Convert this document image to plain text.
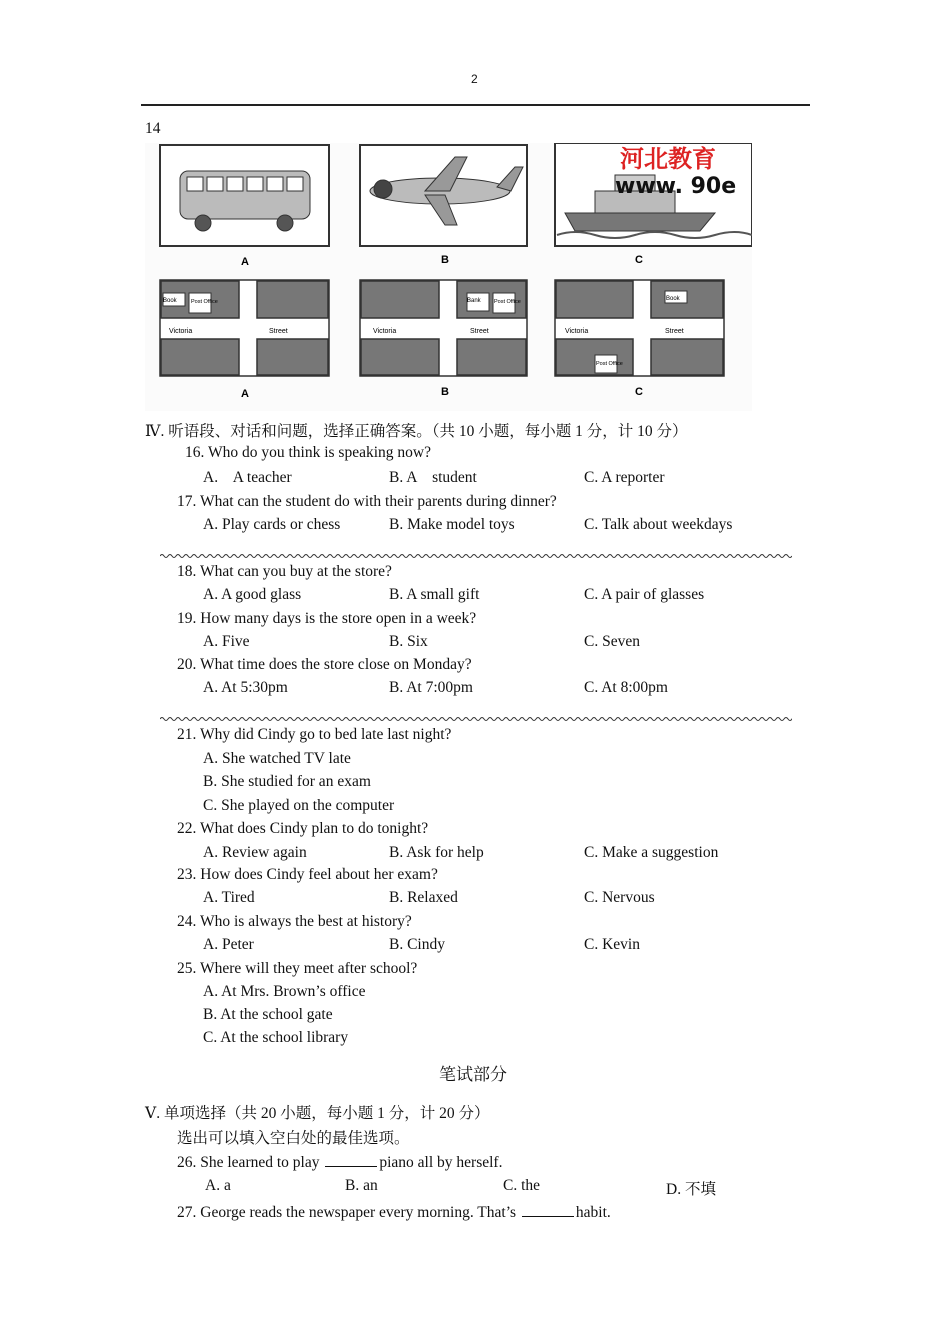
2
14
河北教育
www. 90e
A	B	C
Book	Post Office
Victoria	Street
Bank Post Office
Victoria	Street
Book
Post Office
Victoria	Street
A	B	C
Ⅳ. 听语段、对话和问题，选择正确答案。（共 10 小题，每小题 1 分，计 10 分）
16. Who do you think is speaking now?
A.    A teacher	B. A    student	C. A reporter
17. What can the student do with their parents during dinner?
A. Play cards or chess	B. Make model toys	C. Talk about weekdays
18. What can you buy at the store?
A. A good glass	B. A small gift	C. A pair of glasses
19. How many days is the store open in a week?
A. Five	B. Six	C. Seven
20. What time does the store close on Monday?
A. At 5:30pm	B. At 7:00pm	C. At 8:00pm
21. Why did Cindy go to bed late last night?
A. She watched TV late
B. She studied for an exam
C. She played on the computer
22. What does Cindy plan to do tonight?
A. Review again	B. Ask for help	C. Make a suggestion
23. How does Cindy feel about her exam?
A. Tired	B. Relaxed	C. Nervous
24. Who is always the best at history?
A. Peter	B. Cindy	C. Kevin
25. Where will they meet after school?
A. At Mrs. Brown’s office
B. At the school gate
C. At the school library
笔试部分
Ⅴ. 单项选择（共 20 小题，每小题 1 分，计 20 分）
选出可以填入空白处的最佳选项。
26. She learned to play	piano all by herself.
A. a	B. an	C. the	D. 不填
27. George reads the newspaper every morning. That’s	habit.
